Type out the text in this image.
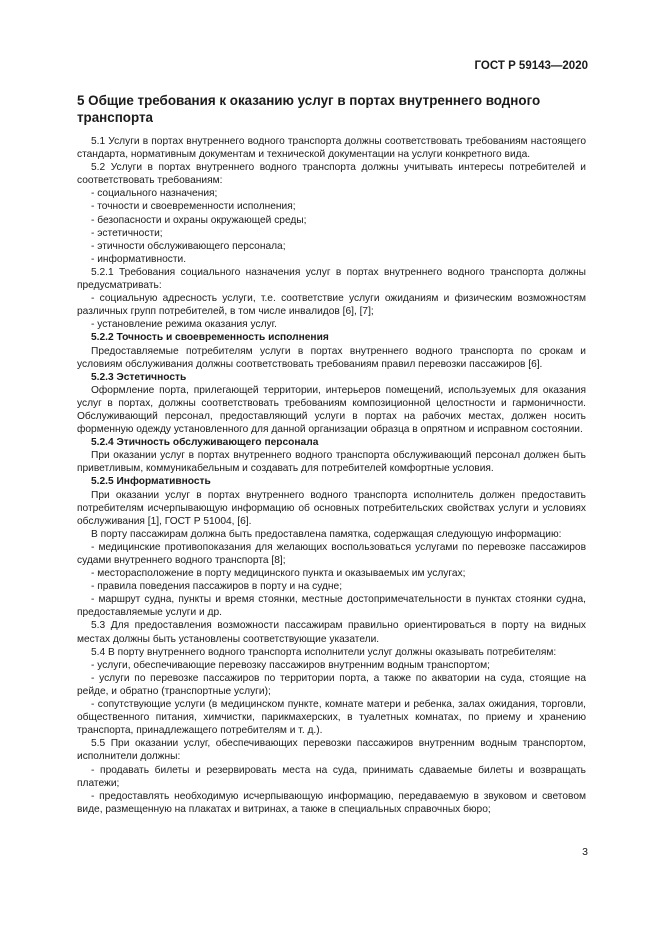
ГОСТ Р 59143—2020
5 Общие требования к оказанию услуг в портах внутреннего водного транспорта
5.1 Услуги в портах внутреннего водного транспорта должны соответствовать требованиям настоящего стандарта, нормативным документам и технической документации на услуги конкретного вида.
5.2 Услуги в портах внутреннего водного транспорта должны учитывать интересы потребителей и соответствовать требованиям:
- социального назначения;
- точности и своевременности исполнения;
- безопасности и охраны окружающей среды;
- эстетичности;
- этичности обслуживающего персонала;
- информативности.
5.2.1 Требования социального назначения услуг в портах внутреннего водного транспорта должны предусматривать:
- социальную адресность услуги, т.е. соответствие услуги ожиданиям и физическим возможностям различных групп потребителей, в том числе инвалидов [6], [7];
- установление режима оказания услуг.
5.2.2 Точность и своевременность исполнения
Предоставляемые потребителям услуги в портах внутреннего водного транспорта по срокам и условиям обслуживания должны соответствовать требованиям правил перевозки пассажиров [6].
5.2.3 Эстетичность
Оформление порта, прилегающей территории, интерьеров помещений, используемых для оказания услуг в портах, должны соответствовать требованиям композиционной целостности и гармоничности. Обслуживающий персонал, предоставляющий услуги в портах на рабочих местах, должен носить форменную одежду установленного для данной организации образца в опрятном и исправном состоянии.
5.2.4 Этичность обслуживающего персонала
При оказании услуг в портах внутреннего водного транспорта обслуживающий персонал должен быть приветливым, коммуникабельным и создавать для потребителей комфортные условия.
5.2.5 Информативность
При оказании услуг в портах внутреннего водного транспорта исполнитель должен предоставить потребителям исчерпывающую информацию об основных потребительских свойствах услуги и условиях обслуживания [1], ГОСТ Р 51004, [6].
В порту пассажирам должна быть предоставлена памятка, содержащая следующую информацию:
- медицинские противопоказания для желающих воспользоваться услугами по перевозке пассажиров судами внутреннего водного транспорта [8];
- месторасположение в порту медицинского пункта и оказываемых им услугах;
- правила поведения пассажиров в порту и на судне;
- маршрут судна, пункты и время стоянки, местные достопримечательности в пунктах стоянки судна, предоставляемые услуги и др.
5.3 Для предоставления возможности пассажирам правильно ориентироваться в порту на видных местах должны быть установлены соответствующие указатели.
5.4 В порту внутреннего водного транспорта исполнители услуг должны оказывать потребителям:
- услуги, обеспечивающие перевозку пассажиров внутренним водным транспортом;
- услуги по перевозке пассажиров по территории порта, а также по акватории на суда, стоящие на рейде, и обратно (транспортные услуги);
- сопутствующие услуги (в медицинском пункте, комнате матери и ребенка, залах ожидания, торговли, общественного питания, химчистки, парикмахерских, в туалетных комнатах, по приему и хранению транспорта, принадлежащего потребителям и т. д.).
5.5 При оказании услуг, обеспечивающих перевозки пассажиров внутренним водным транспортом, исполнители должны:
- продавать билеты и резервировать места на суда, принимать сдаваемые билеты и возвращать платежи;
- предоставлять необходимую исчерпывающую информацию, передаваемую в звуковом и световом виде, размещенную на плакатах и витринах, а также в специальных справочных бюро;
3
